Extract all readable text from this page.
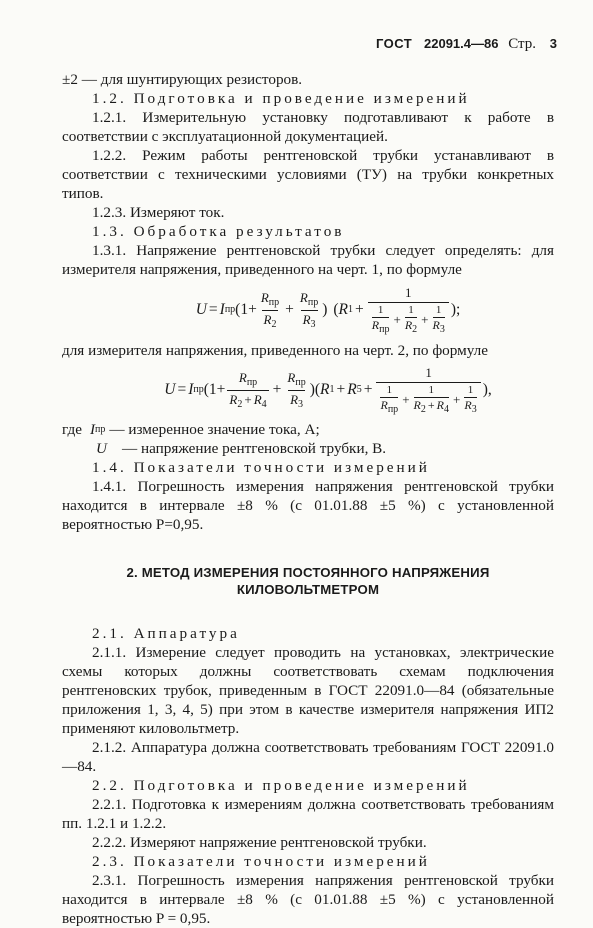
ГОСТ 22091.4—86 Стр. 3

±2 — для шунтирующих резисторов.

1.2. Подготовка и проведение измерений

1.2.1. Измерительную установку подготавливают к работе в соответствии с эксплуатационной документацией.

1.2.2. Режим работы рентгеновской трубки устанавливают в соответствии с техническими условиями (ТУ) на трубки конкретных типов.

1.2.3. Измеряют ток.

1.3. Обработка результатов

1.3.1. Напряжение рентгеновской трубки следует определять: для измерителя напряжения, приведенного на черт. 1, по формуле

U = I пр ($1+ \frac{R_{пр}}{R_2} + \frac{R_{пр}}{R_3}$ ) ( R $1 + \frac{1}{\frac{1}{R_{пр}} + \frac{1}{R_2} + \frac{1}{R_3}}$ );

для измерителя напряжения, приведенного на черт. 2, по формуле

U = I пр ($1+ \frac{R_{пр}}{R_2 + R_4} + \frac{R_{пр}}{R_3}$ ) ( R 1 + R $5 + \frac{1}{\frac{1}{R_{пр}} + \frac{1}{R_2 + R_4} + \frac{1}{R_3}}$ ),
где I пр — измеренное значение тока, А;
U — напряжение рентгеновской трубки, В.

1.4. Показатели точности измерений

1.4.1. Погрешность измерения напряжения рентгеновской трубки находится в интервале ±8 % (с 01.01.88 ±5 %) с установленной вероятностью P=0,95.

2. МЕТОД ИЗМЕРЕНИЯ ПОСТОЯННОГО НАПРЯЖЕНИЯ КИЛОВОЛЬТМЕТРОМ

2.1. Аппаратура

2.1.1. Измерение следует проводить на установках, электрические схемы которых должны соответствовать схемам подключения рентгеновских трубок, приведенным в ГОСТ 22091.0—84 (обязательные приложения 1, 3, 4, 5) при этом в качестве измерителя напряжения ИП2 применяют киловольтметр.

2.1.2. Аппаратура должна соответствовать требованиям ГОСТ 22091.0—84.

2.2. Подготовка и проведение измерений

2.2.1. Подготовка к измерениям должна соответствовать требованиям пп. 1.2.1 и 1.2.2.

2.2.2. Измеряют напряжение рентгеновской трубки.

2.3. Показатели точности измерений

2.3.1. Погрешность измерения напряжения рентгеновской трубки находится в интервале ±8 % (с 01.01.88 ±5 %) с установленной вероятностью P = 0,95.
